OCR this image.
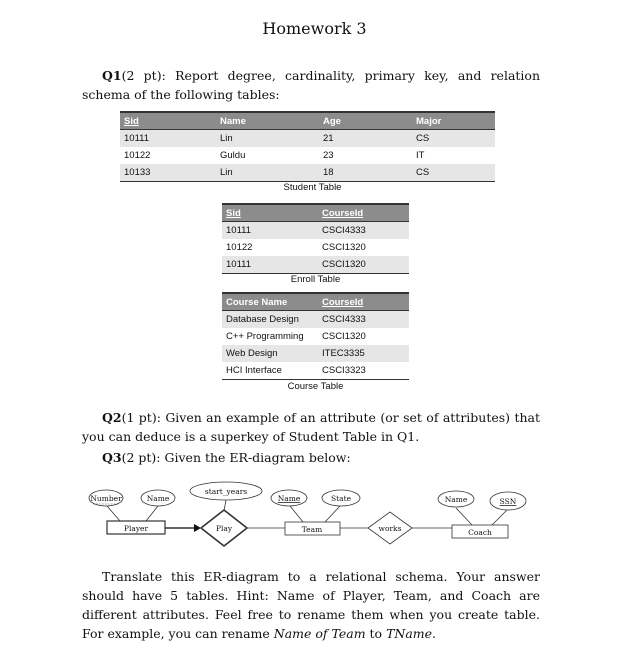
Homework 3
Q1(2 pt): Report degree, cardinality, primary key, and relation schema of the following tables:
Sid	Name	Age	Major
10111	Lin	21	CS
10122	Guldu	23	IT
10133	Lin	18	CS
Student Table
Sid	CourseId
10111	CSCI4333
10122	CSCI1320
10111	CSCI1320
Enroll Table
Course Name	CourseId
Database Design	CSCI4333
C++ Programming	CSCI1320
Web Design	ITEC3335
HCI Interface	CSCI3323
Course Table
Q2(1 pt): Given an example of an attribute (or set of attributes) that you can deduce is a superkey of Student Table in Q1.
Q3(2 pt): Given the ER-diagram below:
Number	Name
start_years
Name	State	Name	SSN
Player	Team	Coach
Play	works
Translate this ER-diagram to a relational schema. Your answer should have 5 tables. Hint: Name of Player, Team, and Coach are different attributes. Feel free to rename them when you create table. For example, you can rename Name of Team to TName.
